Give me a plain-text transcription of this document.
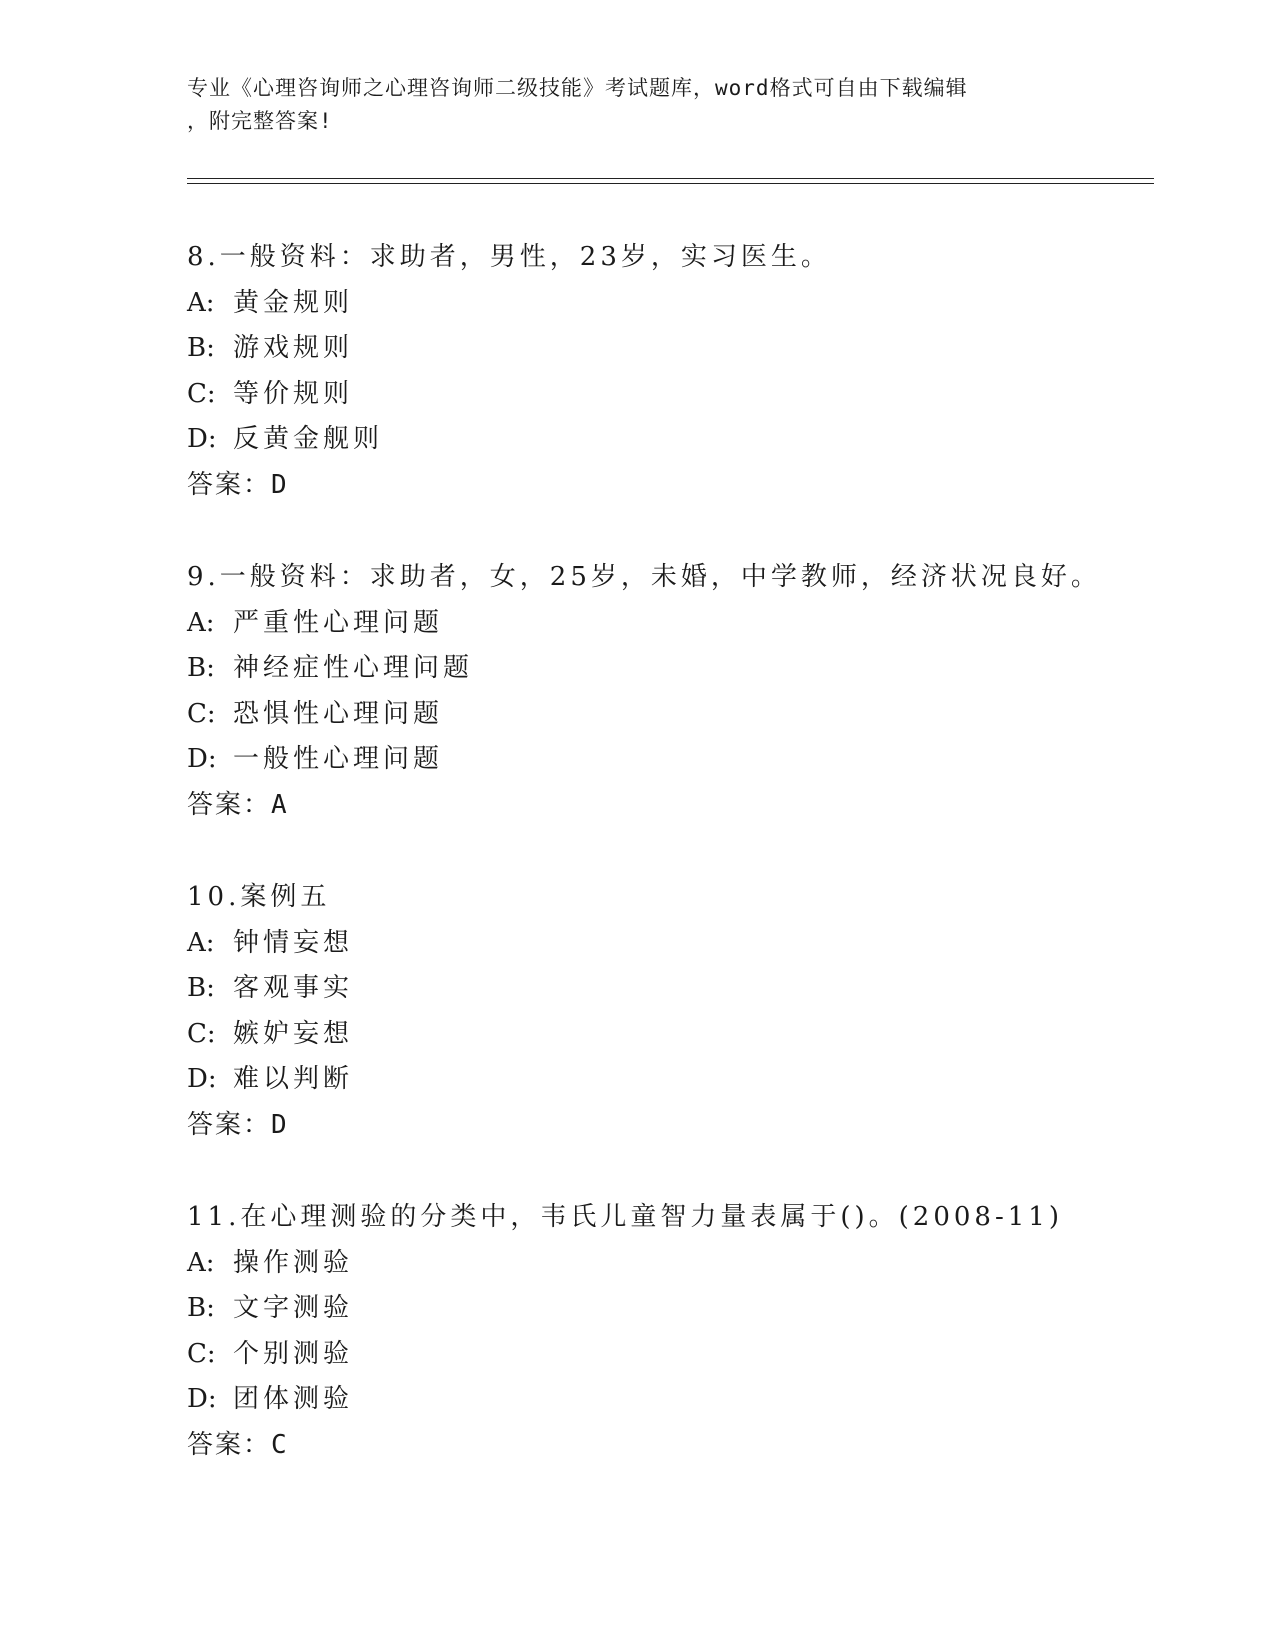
专业《心理咨询师之心理咨询师二级技能》考试题库，word格式可自由下载编辑
，附完整答案!
8.一般资料：求助者，男性，23岁，实习医生。
A: 黄金规则
B: 游戏规则
C: 等价规则
D: 反黄金舰则
答案：D
9.一般资料：求助者，女，25岁，未婚，中学教师，经济状况良好。
A: 严重性心理问题
B: 神经症性心理问题
C: 恐惧性心理问题
D: 一般性心理问题
答案：A
10.案例五
A: 钟情妄想
B: 客观事实
C: 嫉妒妄想
D: 难以判断
答案：D
11.在心理测验的分类中，韦氏儿童智力量表属于()。(2008-11)
A: 操作测验
B: 文字测验
C: 个别测验
D: 团体测验
答案：C
